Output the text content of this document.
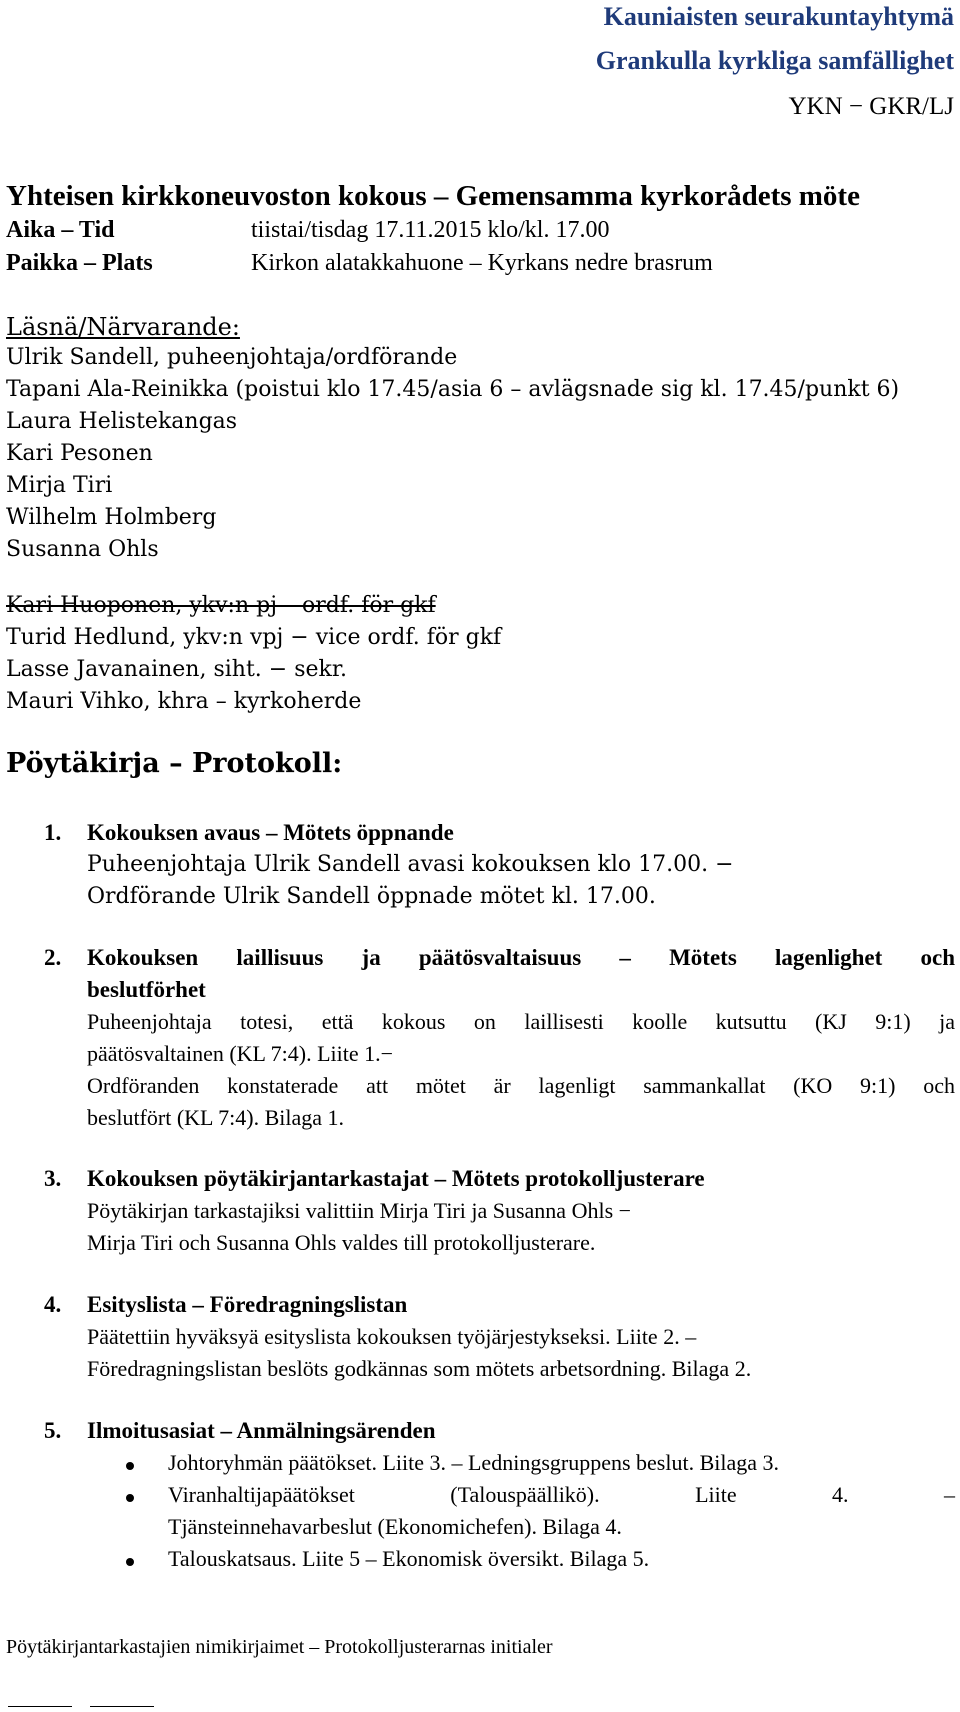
Kauniaisten seurakuntayhtymä
Grankulla kyrkliga samfällighet
YKN − GKR/LJ
Yhteisen kirkkoneuvoston kokous – Gemensamma kyrkorådets möte
Aika – Tid	tiistai/tisdag 17.11.2015 klo/kl. 17.00
Paikka – Plats	Kirkon alatakkahuone – Kyrkans nedre brasrum
Läsnä/Närvarande:
Ulrik Sandell, puheenjohtaja/ordförande
Tapani Ala-Reinikka (poistui klo 17.45/asia 6 – avlägsnade sig kl. 17.45/punkt 6)
Laura Helistekangas
Kari Pesonen
Mirja Tiri
Wilhelm Holmberg
Susanna Ohls
Kari Huoponen, ykv:n pj – ordf. för gkf
Turid Hedlund, ykv:n vpj − vice ordf. för gkf
Lasse Javanainen, siht. − sekr.
Mauri Vihko, khra – kyrkoherde
Pöytäkirja – Protokoll:
1. Kokouksen avaus – Mötets öppnande
Puheenjohtaja Ulrik Sandell avasi kokouksen klo 17.00. −
Ordförande Ulrik Sandell öppnade mötet kl. 17.00.
2. Kokouksen laillisuus ja päätösvaltaisuus – Mötets lagenlighet och
beslutförhet
Puheenjohtaja totesi, että kokous on laillisesti koolle kutsuttu (KJ 9:1) ja
päätösvaltainen (KL 7:4). Liite 1.−
Ordföranden konstaterade att mötet är lagenligt sammankallat (KO 9:1) och
beslutfört (KL 7:4). Bilaga 1.
3. Kokouksen pöytäkirjantarkastajat – Mötets protokolljusterare
Pöytäkirjan tarkastajiksi valittiin Mirja Tiri ja Susanna Ohls −
Mirja Tiri och Susanna Ohls valdes till protokolljusterare.
4. Esityslista – Föredragningslistan
Päätettiin hyväksyä esityslista kokouksen työjärjestykseksi. Liite 2. –
Föredragningslistan beslöts godkännas som mötets arbetsordning. Bilaga 2.
5. Ilmoitusasiat – Anmälningsärenden
Johtoryhmän päätökset. Liite 3. – Ledningsgruppens beslut. Bilaga 3.
Viranhaltijapäätökset (Talouspäällikö). Liite 4. –
Tjänsteinnehavarbeslut (Ekonomichefen). Bilaga 4.
Talouskatsaus. Liite 5 – Ekonomisk översikt. Bilaga 5.
Pöytäkirjantarkastajien nimikirjaimet – Protokolljusterarnas initialer
